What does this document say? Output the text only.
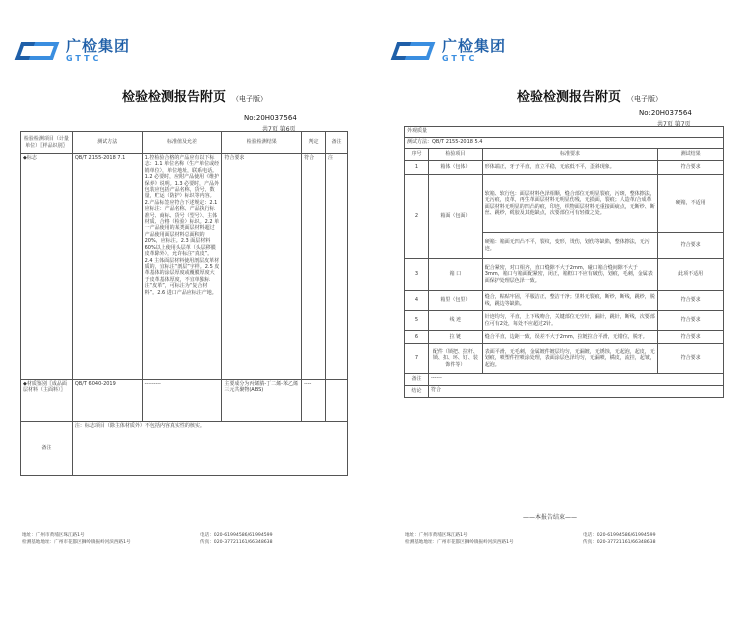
广检集团
GTTC
检验检测报告附页 （电子版）
No:20H037564
共7页 第6页
检验检测项目（计量单位）〖样品识别〗	测试方法	标准值及允差	检验检测结果	判定	备注
◆标志	QB/T 2155-2018 7.1	1.控检验合格的产品应有以下标志：1.1 单位名称（生产单位或经销单位），单位地址，联系电话。1.2 必要时，应附产品使用《维护保养》说明。1.3 必要时，产品外包装应包括产品名称，货号，数量，贮运（防护）标识等内容。2.产品标签应符合下述规定：2.1 应标注：产品名称、产品执行标准号、商标、货号（型号）、主体材质、合格（检验）标识。2.2 单一产品使用的某类面层材料超过产品使用面层材料总面积的20%，应标注。2.3 面层材料60%以上使用头层革（头层移膜皮革除外），允许标注“真皮”。2.4 主体面层材料使用剖层皮革材质的，宜标注“剖层”字样。2.5 皮革基体的涂层厚度或覆膜厚度大于皮革基体厚度，不宜单独标注“皮革”，可标注为“复合材料”。2.6 进口产品应标注产地。	符合要求	符合	注
◆材质鉴别〖成品面层材料（主面料）〗	QB/T 6040-2019	---------	主要成分为丙烯腈-丁二烯-苯乙烯三元共聚物(ABS)	----	
备注	注：标志项目（除主体材质外）不包括内容真实性的核实。				
地址：广州市黄埔区珠江路1号
检测基地地址：广州市花都区狮岭镇振岭河滨西路1号
电话：020-61994586/61994599
传真：020-37721161/66348638
广检集团
GTTC
检验检测报告附页 （电子版）
No:20H037564
共7页 第7页
外观质量			
测试方法：QB/T 2155-2018 5.4			
序号	检验项目	标准要求	测试结果
1	箱体（包体）	形体端正，牙子平直，直立平稳，无底低不平，歪斜现象。	符合要求
2	箱面（包面）	软箱、软行包：面层材料色泽相顺，缝合部位无明显裂痕，污斑，整体擦法，无污痕，皮革，再生革面层材料无明显伤残，无损面，裂痕；人造革/合成革面层材料无明显的凹凸的痕，印迹，织物面层材料无重接面疵点，无断纱、断丝、跳纱，缆胶及其他缺点，次要部位可有轻微之处。	硬箱，不适用
		硬箱：箱面无凹凸不平，裂纹，变形，烫伤，划伤等缺陷，整体擦法，无污迹。	符合要求
3	箱 口	配合紧密，对口相齐，直口缝隙不大于2mm，碰口箱合缝间隙不大于3mm，箱口与箱面配紧密，闭正，箱框口不应有破伤，划痕，毛刺，金属表面保护处理层色泽一致。	此项不适用
4	箱里（包里）	缝合，粘贴牢固，平服洁正，整洁干净；里料无裂痕，断纱，断线，跳纱，脱线，跳边等缺陷。	符合要求
5	线 迹	针迹均匀，平直，上下线吻合，关键部位无空针，漏针，跳针，断线，次要部位可有2处，每处不应超过2针。	符合要求
6	拉 链	缝合平直，边距一致，误差不大于2mm，拉链拉合平滑，无错位，脱牙。	符合要求
7	配件（锁把、拉杆、锁、扣、环、钉、装饰件等）	表面平滑，无毛刺，金属镀件镀层均匀，无漏镀，无锈蚀，无起泡，起皮，无划痕，喷塑件控喷涂处理，表面涂层色泽均匀，无漏喷，橘皮，流挂，起皱，起泡。	符合要求
备注	------		
结论	符合		
——本报告结束——
地址：广州市黄埔区珠江路1号
检测基地地址：广州市花都区狮岭镇振岭河滨西路1号
电话：020-61994586/61994599
传真：020-37721161/66348638
